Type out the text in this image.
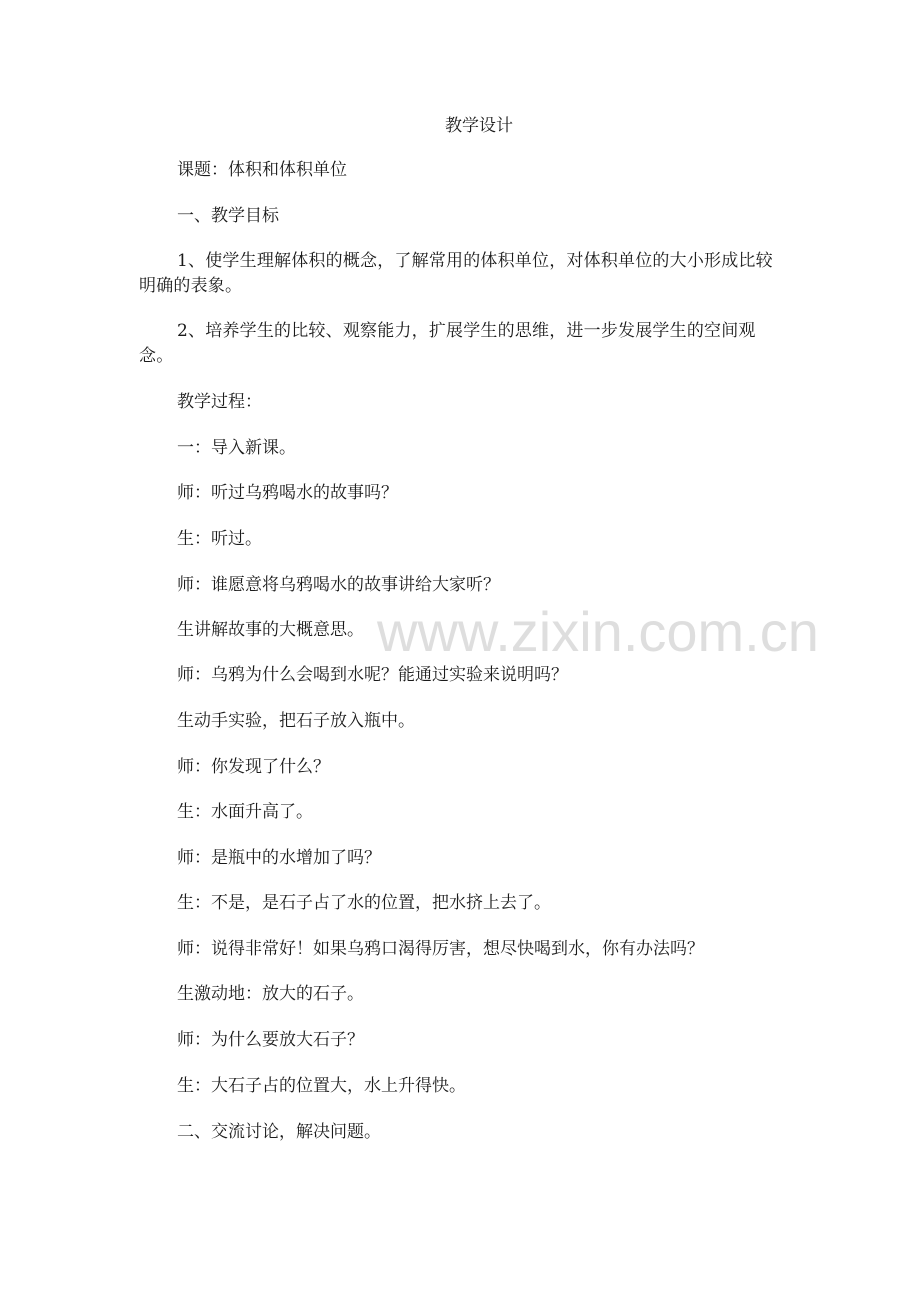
教学设计
课题：体积和体积单位
一、教学目标
1、使学生理解体积的概念，了解常用的体积单位，对体积单位的大小形成比较明确的表象。
2、培养学生的比较、观察能力，扩展学生的思维，进一步发展学生的空间观念。
教学过程：
一：导入新课。
师：听过乌鸦喝水的故事吗？
生：听过。
师：谁愿意将乌鸦喝水的故事讲给大家听？
生讲解故事的大概意思。
师：乌鸦为什么会喝到水呢？能通过实验来说明吗？
生动手实验，把石子放入瓶中。
师：你发现了什么？
生：水面升高了。
师：是瓶中的水增加了吗？
生：不是，是石子占了水的位置，把水挤上去了。
师：说得非常好！如果乌鸦口渴得厉害，想尽快喝到水，你有办法吗？
生激动地：放大的石子。
师：为什么要放大石子？
生：大石子占的位置大，水上升得快。
二、交流讨论，解决问题。
www.zixin.com.cn
